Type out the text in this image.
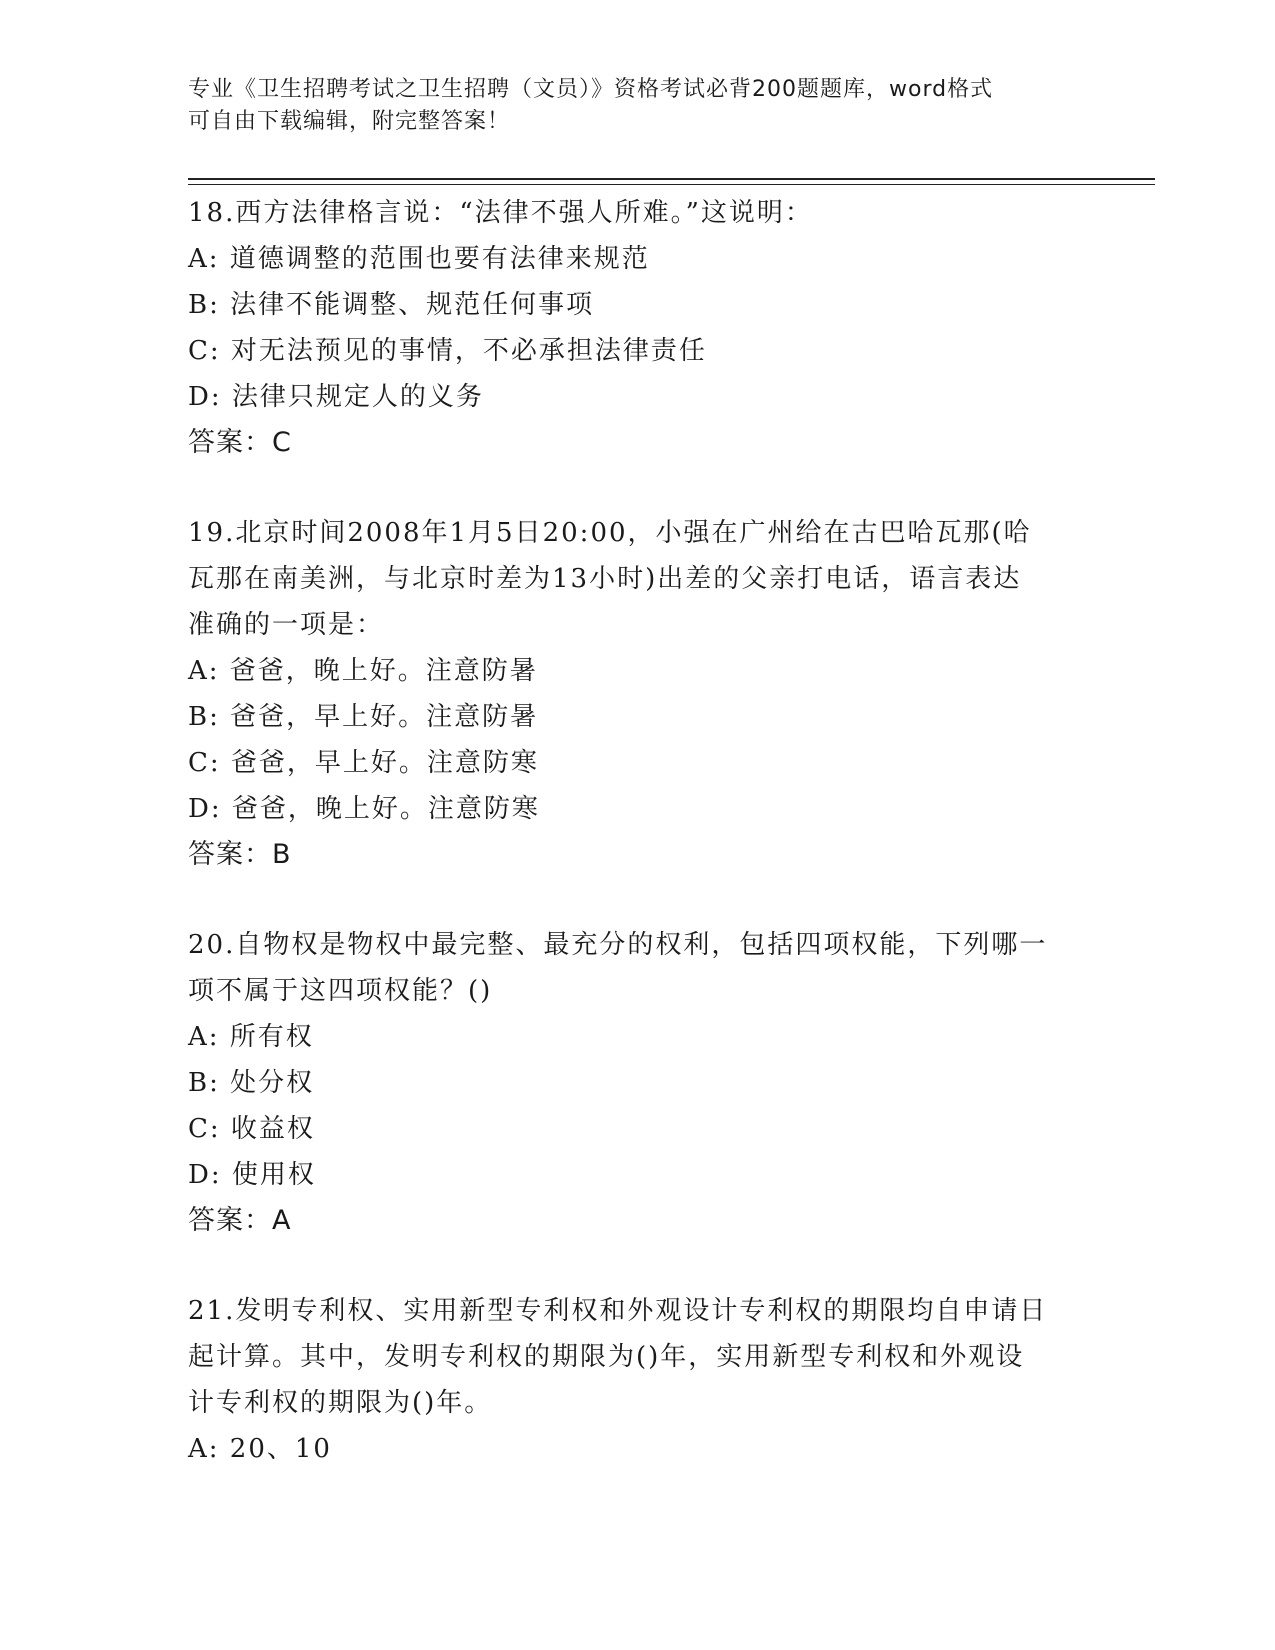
专业《卫生招聘考试之卫生招聘（文员）》资格考试必背200题题库，word格式
可自由下载编辑，附完整答案！
18.西方法律格言说：“法律不强人所难。”这说明：
A: 道德调整的范围也要有法律来规范
B: 法律不能调整、规范任何事项
C: 对无法预见的事情，不必承担法律责任
D: 法律只规定人的义务
答案：C
19.北京时间2008年1月5日20:00，小强在广州给在古巴哈瓦那(哈
瓦那在南美洲，与北京时差为13小时)出差的父亲打电话，语言表达
准确的一项是：
A: 爸爸，晚上好。注意防暑
B: 爸爸，早上好。注意防暑
C: 爸爸，早上好。注意防寒
D: 爸爸，晚上好。注意防寒
答案：B
20.自物权是物权中最完整、最充分的权利，包括四项权能，下列哪一
项不属于这四项权能？()
A: 所有权
B: 处分权
C: 收益权
D: 使用权
答案：A
21.发明专利权、实用新型专利权和外观设计专利权的期限均自申请日
起计算。其中，发明专利权的期限为()年，实用新型专利权和外观设
计专利权的期限为()年。
A: 20、10
